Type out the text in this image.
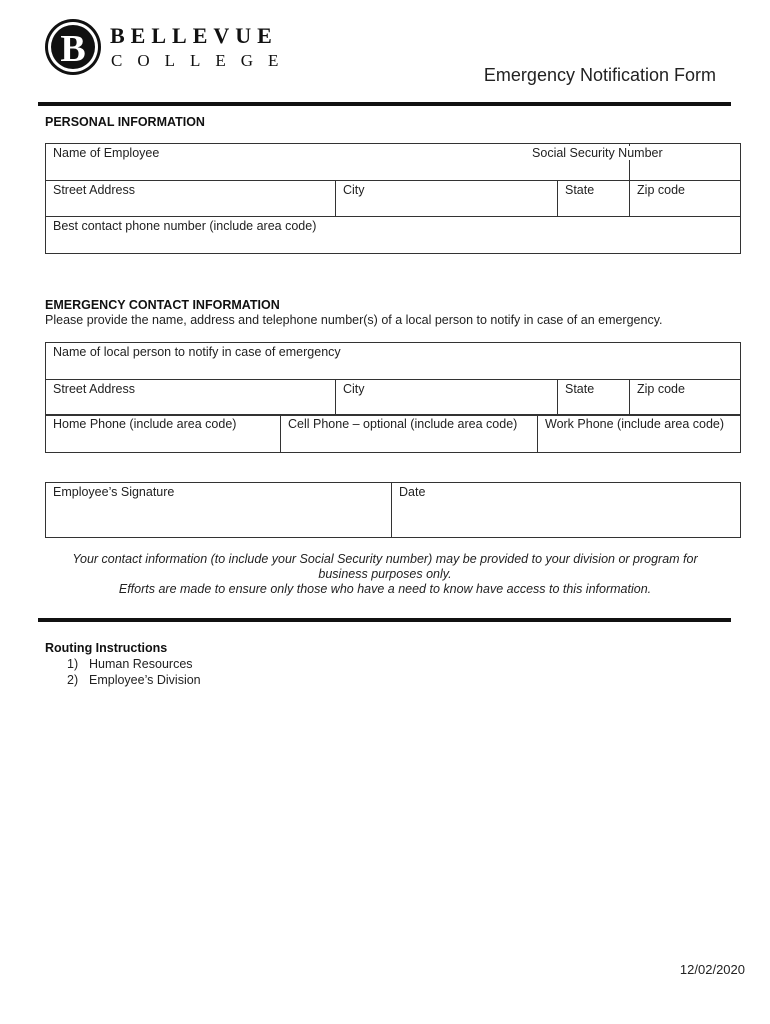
B BELLEVUE
COLLEGE
Emergency Notification Form
PERSONAL INFORMATION
Name of Employee			Social Security Number
Street Address	City	State	Zip code
Best contact phone number (include area code)			
EMERGENCY CONTACT INFORMATION
Please provide the name, address and telephone number(s) of a local person to notify in case of an emergency.
Name of local person to notify in case of emergency
Street Address	City	State	Zip code
Home Phone (include area code)	Cell Phone – optional (include area code)	Work Phone (include area code)
Employee’s Signature	Date
Your contact information (to include your Social Security number) may be provided to your division or program for
business purposes only.
Efforts are made to ensure only those who have a need to know have access to this information.
Routing Instructions
1) Human Resources
2) Employee’s Division
12/02/2020
